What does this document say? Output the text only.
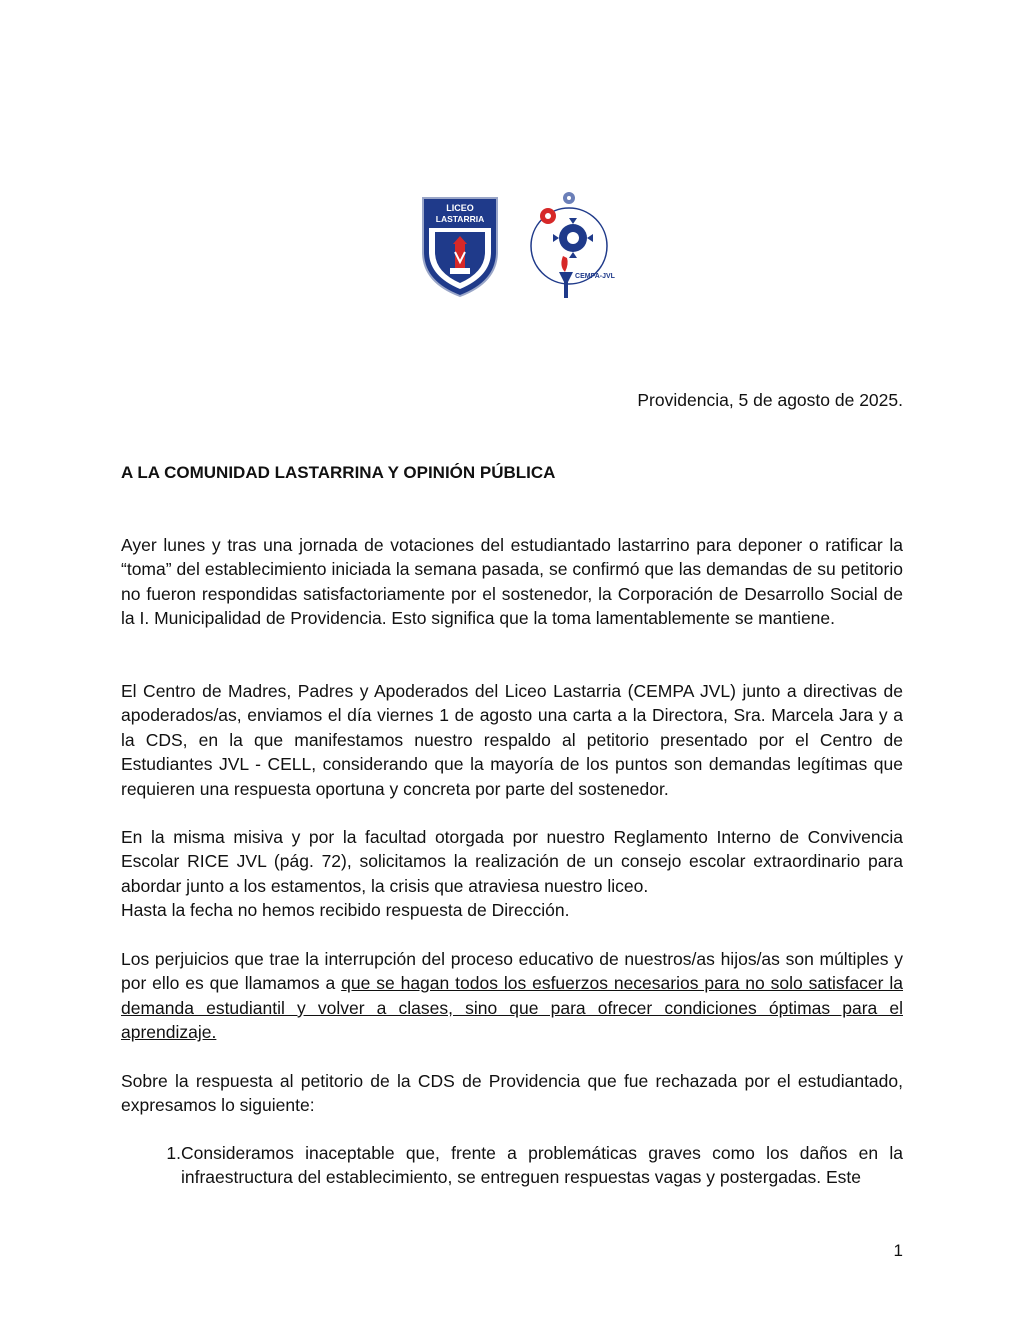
LICEO
LASTARRIA
CEMPA-JVL
Providencia, 5 de agosto de 2025.
A LA COMUNIDAD LASTARRINA Y OPINIÓN PÚBLICA

Ayer lunes y tras una jornada de votaciones del estudiantado lastarrino para deponer o ratificar la “toma” del establecimiento iniciada la semana pasada, se confirmó que las demandas de su petitorio no fueron respondidas satisfactoriamente por el sostenedor, la Corporación de Desarrollo Social de la I. Municipalidad de Providencia. Esto significa que la toma lamentablemente se mantiene.

El Centro de Madres, Padres y Apoderados del Liceo Lastarria (CEMPA JVL) junto a directivas de apoderados/as, enviamos el día viernes 1 de agosto una carta a la Directora, Sra. Marcela Jara y a la CDS, en la que manifestamos nuestro respaldo al petitorio presentado por el Centro de Estudiantes JVL - CELL, considerando que la mayoría de los puntos son demandas legítimas que requieren una respuesta oportuna y concreta por parte del sostenedor.

En la misma misiva y por la facultad otorgada por nuestro Reglamento Interno de Convivencia Escolar RICE JVL (pág. 72), solicitamos la realización de un consejo escolar extraordinario para abordar junto a los estamentos, la crisis que atraviesa nuestro liceo.

Hasta la fecha no hemos recibido respuesta de Dirección.

Los perjuicios que trae la interrupción del proceso educativo de nuestros/as hijos/as son múltiples y por ello es que llamamos a que se hagan todos los esfuerzos necesarios para no solo satisfacer la demanda estudiantil y volver a clases, sino que para ofrecer condiciones óptimas para el aprendizaje.

Sobre la respuesta al petitorio de la CDS de Providencia que fue rechazada por el estudiantado, expresamos lo siguiente:

1. Consideramos inaceptable que, frente a problemáticas graves como los daños en la infraestructura del establecimiento, se entreguen respuestas vagas y postergadas. Este
1
